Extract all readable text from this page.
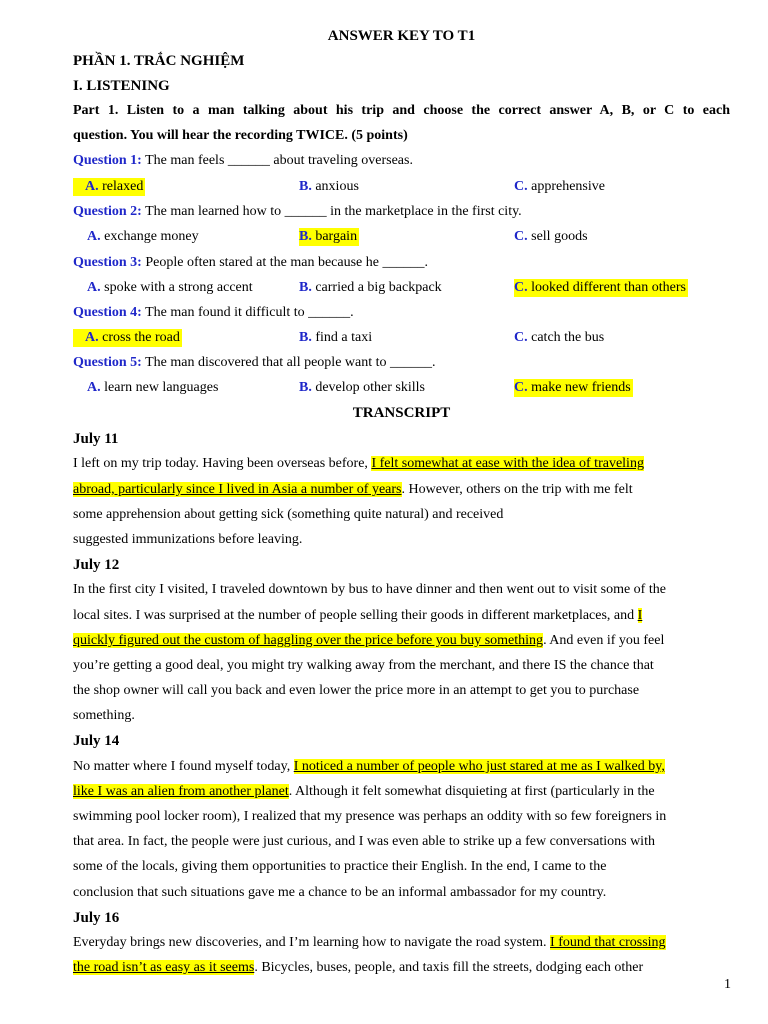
ANSWER KEY TO T1
PHẦN 1. TRẮC NGHIỆM
I. LISTENING
Part 1. Listen to a man talking about his trip and choose the correct answer A, B, or C to each
question. You will hear the recording TWICE. (5 points)
Question 1: The man feels ______ about traveling overseas.
A. relaxed	B. anxious	C. apprehensive
Question 2: The man learned how to ______ in the marketplace in the first city.
A. exchange money	B. bargain	C. sell goods
Question 3: People often stared at the man because he ______.
A. spoke with a strong accent	B. carried a big backpack	C. looked different than others
Question 4: The man found it difficult to ______.
A. cross the road	B. find a taxi	C. catch the bus
Question 5: The man discovered that all people want to ______.
A. learn new languages	B. develop other skills	C. make new friends
TRANSCRIPT
July 11
I left on my trip today. Having been overseas before, I felt somewhat at ease with the idea of traveling
abroad, particularly since I lived in Asia a number of years. However, others on the trip with me felt
some apprehension about getting sick (something quite natural) and received
suggested immunizations before leaving.
July 12
In the first city I visited, I traveled downtown by bus to have dinner and then went out to visit some of the
local sites. I was surprised at the number of people selling their goods in different marketplaces, and I
quickly figured out the custom of haggling over the price before you buy something. And even if you feel
you’re getting a good deal, you might try walking away from the merchant, and there IS the chance that
the shop owner will call you back and even lower the price more in an attempt to get you to purchase
something.
July 14
No matter where I found myself today, I noticed a number of people who just stared at me as I walked by,
like I was an alien from another planet. Although it felt somewhat disquieting at first (particularly in the
swimming pool locker room), I realized that my presence was perhaps an oddity with so few foreigners in
that area. In fact, the people were just curious, and I was even able to strike up a few conversations with
some of the locals, giving them opportunities to practice their English. In the end, I came to the
conclusion that such situations gave me a chance to be an informal ambassador for my country.
July 16
Everyday brings new discoveries, and I’m learning how to navigate the road system. I found that crossing
the road isn’t as easy as it seems. Bicycles, buses, people, and taxis fill the streets, dodging each other
1
